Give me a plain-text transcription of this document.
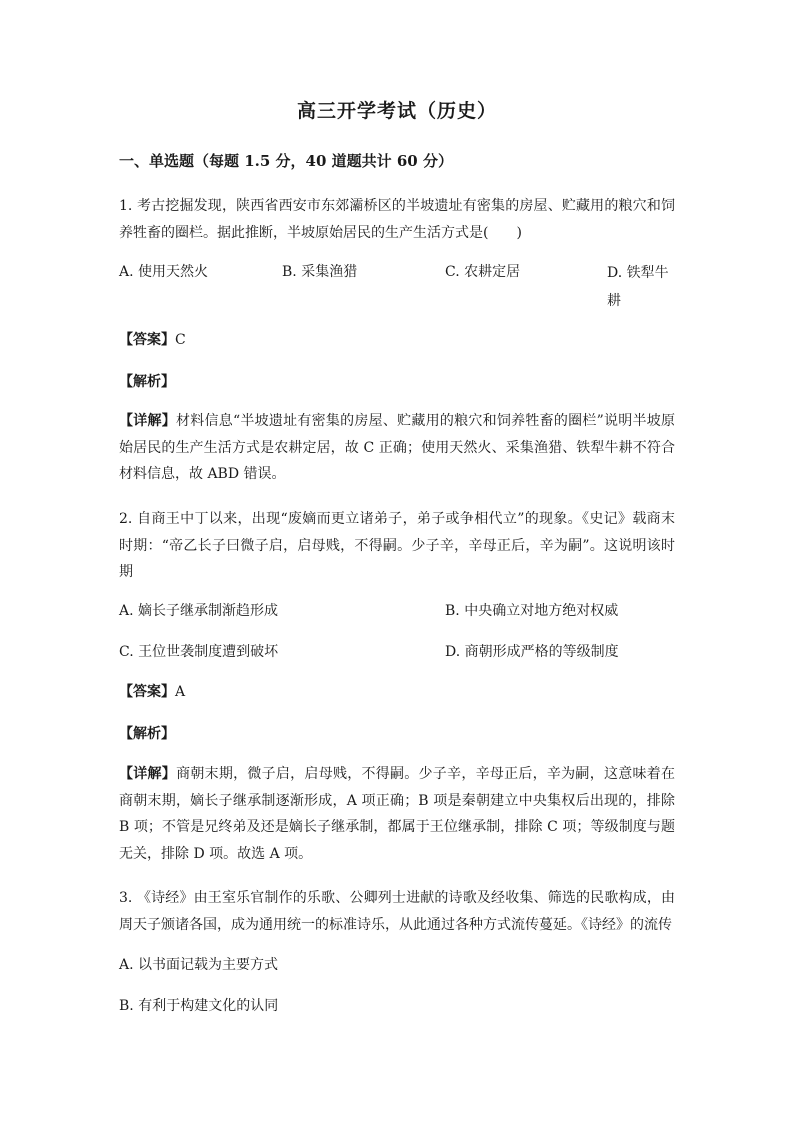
高三开学考试（历史）
一、单选题（每题 1.5 分，40 道题共计 60 分）
1. 考古挖掘发现，陕西省西安市东郊灞桥区的半坡遗址有密集的房屋、贮藏用的粮穴和饲养牲畜的圈栏。据此推断，半坡原始居民的生产生活方式是(　　)
A. 使用天然火	B. 采集渔猎	C. 农耕定居	D. 铁犁牛耕
【答案】C
【解析】
【详解】材料信息“半坡遗址有密集的房屋、贮藏用的粮穴和饲养牲畜的圈栏”说明半坡原始居民的生产生活方式是农耕定居，故 C 正确；使用天然火、采集渔猎、铁犁牛耕不符合材料信息，故 ABD 错误。
2. 自商王中丁以来，出现“废嫡而更立诸弟子，弟子或争相代立”的现象。《史记》载商末时期：“帝乙长子曰微子启，启母贱，不得嗣。少子辛，辛母正后，辛为嗣”。这说明该时期
A. 嫡长子继承制渐趋形成	B. 中央确立对地方绝对权威
C. 王位世袭制度遭到破坏	D. 商朝形成严格的等级制度
【答案】A
【解析】
【详解】商朝末期，微子启，启母贱，不得嗣。少子辛，辛母正后，辛为嗣，这意味着在商朝末期，嫡长子继承制逐渐形成，A 项正确；B 项是秦朝建立中央集权后出现的，排除 B 项；不管是兄终弟及还是嫡长子继承制，都属于王位继承制，排除 C 项；等级制度与题无关，排除 D 项。故选 A 项。
3. 《诗经》由王室乐官制作的乐歌、公卿列士进献的诗歌及经收集、筛选的民歌构成，由周天子颁诸各国，成为通用统一的标准诗乐，从此通过各种方式流传蔓延。《诗经》的流传
A. 以书面记载为主要方式
B. 有利于构建文化的认同
